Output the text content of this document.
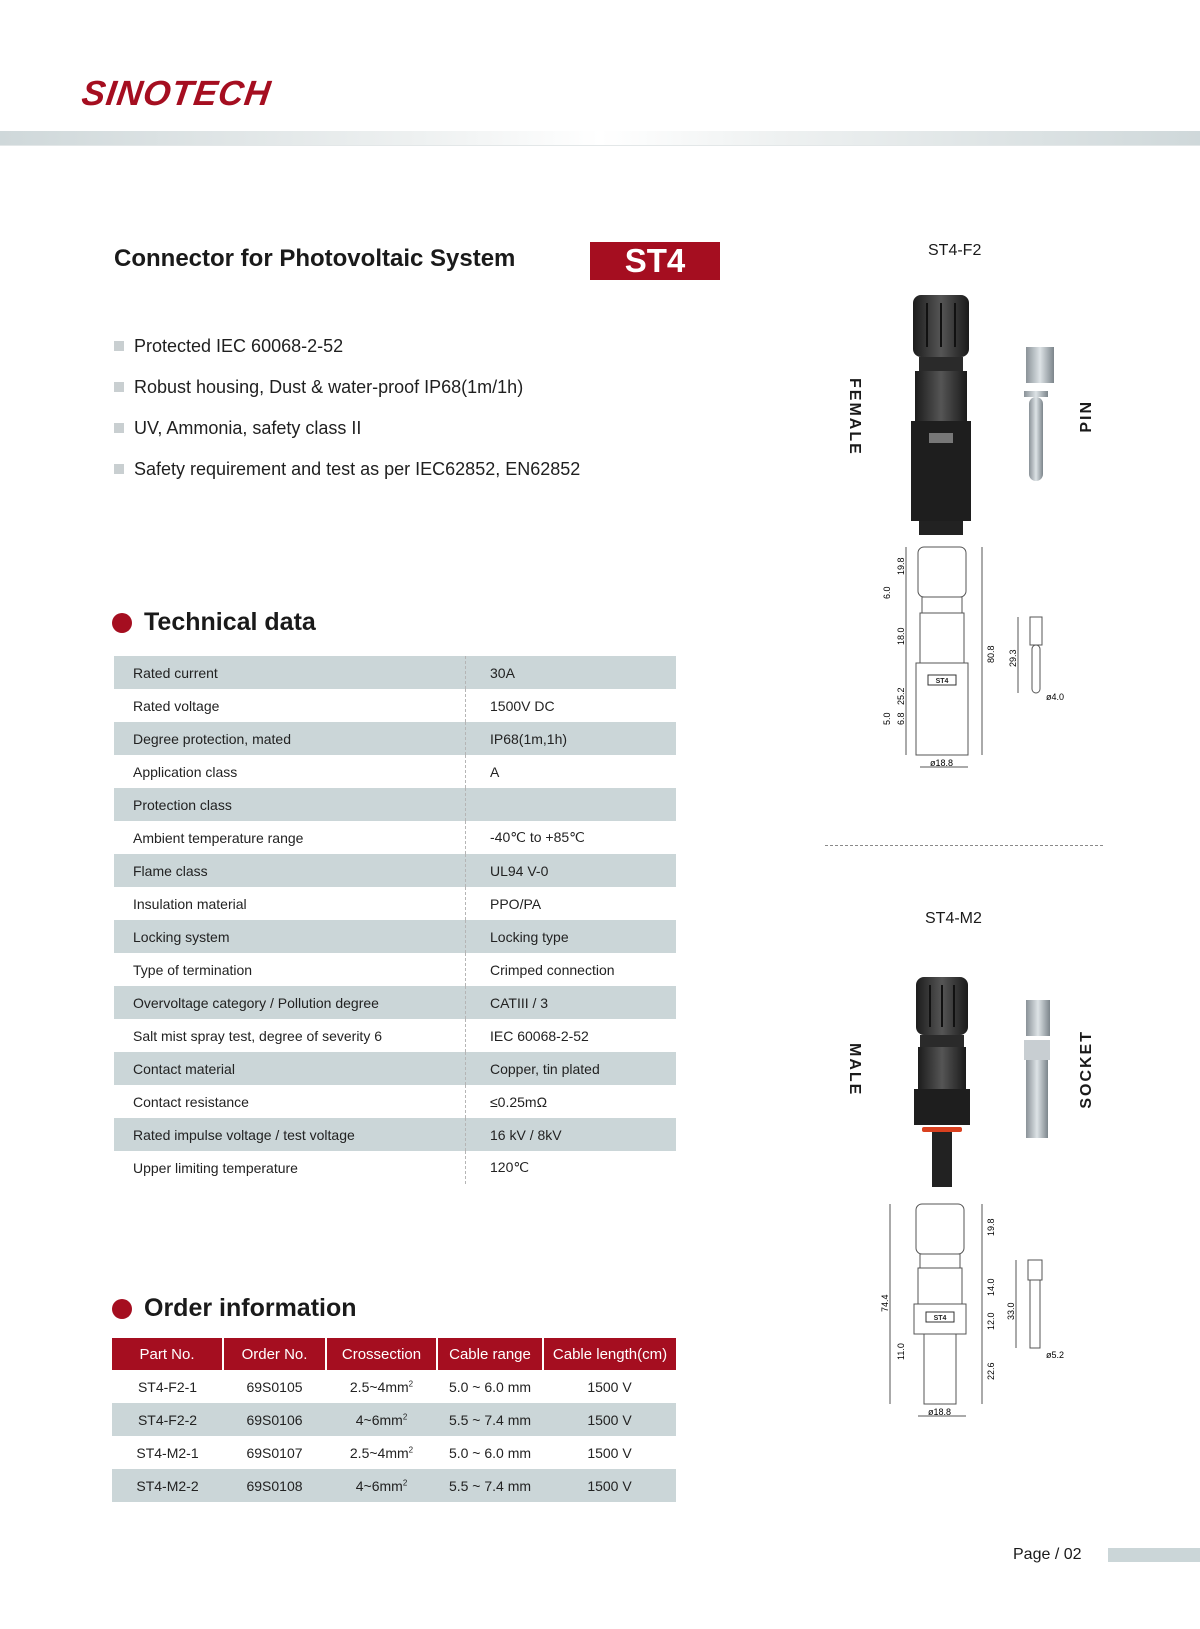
SINOTECH
Connector for Photovoltaic System	ST4
Protected IEC 60068-2-52
Robust housing, Dust & water-proof IP68(1m/1h)
UV, Ammonia, safety class II
Safety requirement and test as per IEC62852, EN62852
Technical data
Rated current	30A
Rated voltage	1500V DC
Degree protection, mated	IP68(1m,1h)
Application class	A
Protection class	
Ambient temperature range	-40℃ to +85℃
Flame class	UL94 V-0
Insulation material	PPO/PA
Locking system	Locking type
Type of termination	Crimped connection
Overvoltage category / Pollution degree	CATIII / 3
Salt mist spray test, degree of severity 6	IEC 60068-2-52
Contact material	Copper, tin plated
Contact resistance	≤0.25mΩ
Rated impulse voltage / test voltage	16 kV / 8kV
Upper limiting temperature	120℃
Order information
Part No.	Order No.	Crossection	Cable range	Cable length(cm)
ST4-F2-1	69S0105	$2.5\sim 4mm^2$	5.0 ~ 6.0 mm	1500 V
ST4-F2-2	69S0106	$4\sim 6mm^2$	5.5 ~ 7.4 mm	1500 V
ST4-M2-1	69S0107	$2.5\sim 4mm^2$	5.0 ~ 6.0 mm	1500 V
ST4-M2-2	69S0108	$4\sim 6mm^2$	5.5 ~ 7.4 mm	1500 V
ST4-F2
FEMALE	PIN
ST4
19.8
6.0
18.0
25.2
6.8
5.0
80.8
ø18.8
29.3
ø4.0
ST4-M2
MALE	SOCKET
ST4
19.8
14.0
12.0
22.6
11.0
74.4
ø18.8
33.0
ø5.2
Page / 02
